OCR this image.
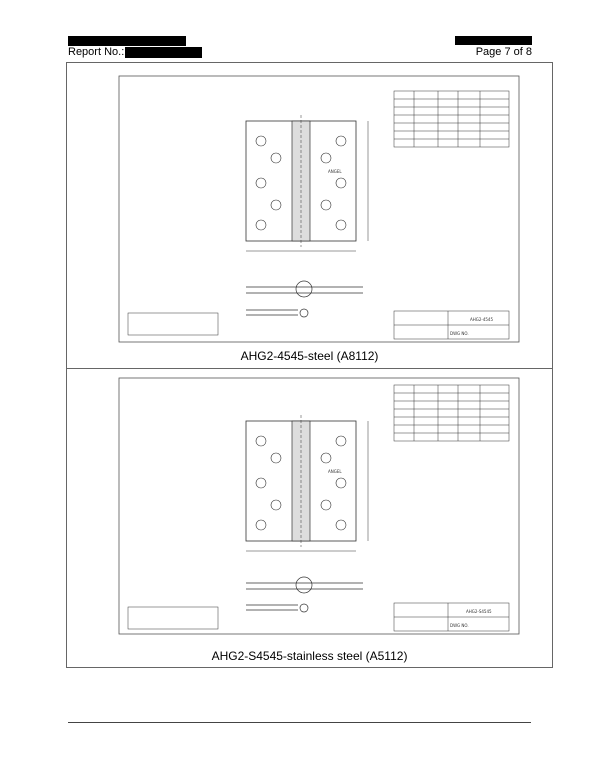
Report No.:	Page 7 of 8
ANGEL
AHG2-4545
DWG NO.
AHG2-4545-steel (A8112)
ANGEL
AHG2-S4545
DWG NO.
AHG2-S4545-stainless steel (A5112)
